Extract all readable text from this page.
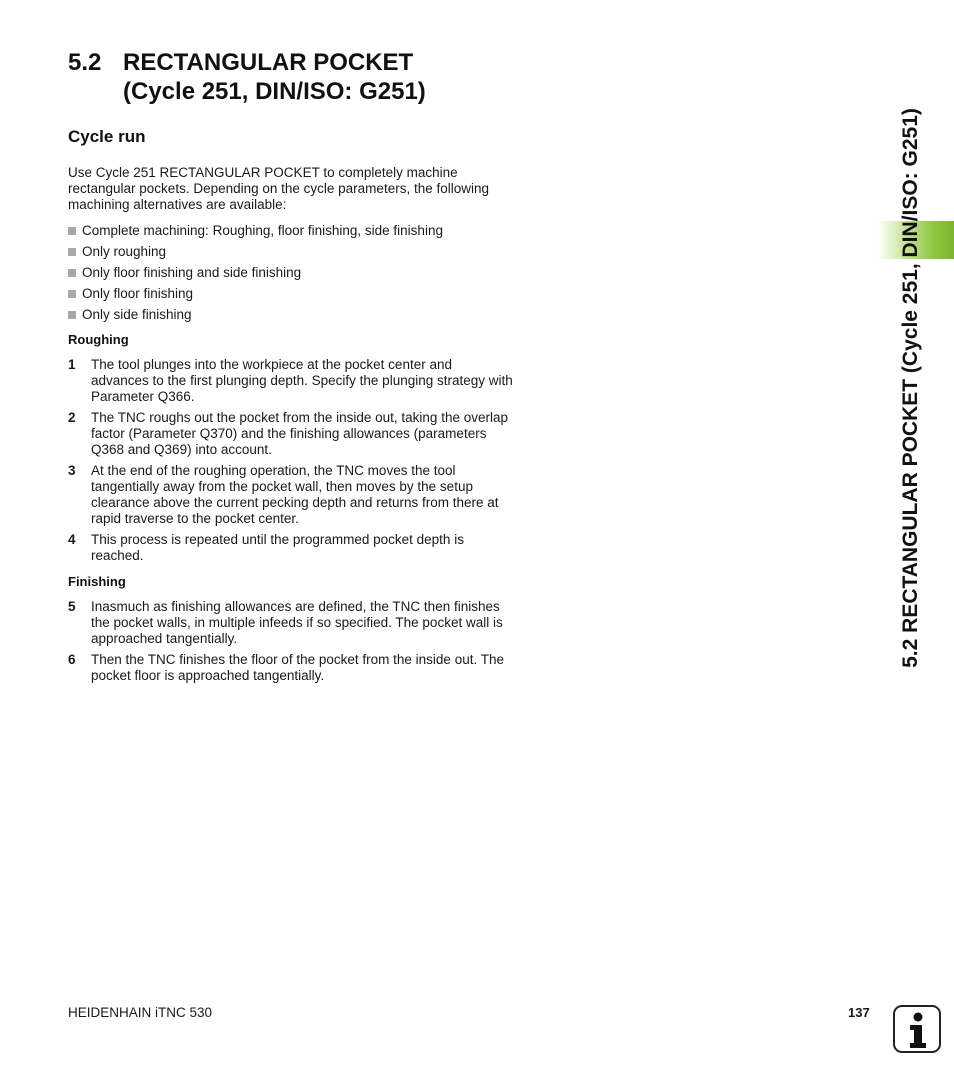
5.2 RECTANGULAR POCKET
(Cycle 251, DIN/ISO: G251)
Cycle run

Use Cycle 251 RECTANGULAR POCKET to completely machine rectangular pockets. Depending on the cycle parameters, the following machining alternatives are available:

Complete machining: Roughing, floor finishing, side finishing
Only roughing
Only floor finishing and side finishing
Only floor finishing
Only side finishing
Roughing
1	The tool plunges into the workpiece at the pocket center and advances to the first plunging depth. Specify the plunging strategy with Parameter Q366.
2	The TNC roughs out the pocket from the inside out, taking the overlap factor (Parameter Q370) and the finishing allowances (parameters Q368 and Q369) into account.
3	At the end of the roughing operation, the TNC moves the tool tangentially away from the pocket wall, then moves by the setup clearance above the current pecking depth and returns from there at rapid traverse to the pocket center.
4	This process is repeated until the programmed pocket depth is reached.
Finishing
5	Inasmuch as finishing allowances are defined, the TNC then finishes the pocket walls, in multiple infeeds if so specified. The pocket wall is approached tangentially.
6	Then the TNC finishes the floor of the pocket from the inside out. The pocket floor is approached tangentially.
5.2 RECTANGULAR POCKET (Cycle 251, DIN/ISO: G251)
HEIDENHAIN iTNC 530	137
